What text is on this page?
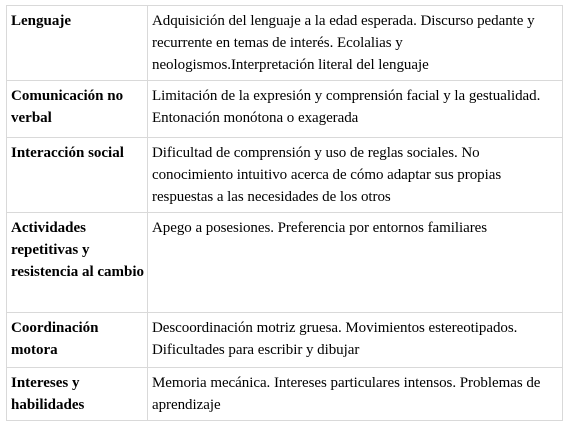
Lenguaje	Adquisición del lenguaje a la edad esperada. Discurso pedante y recurrente en temas de interés. Ecolalias y neologismos.Interpretación literal del lenguaje
Comunicación no verbal	Limitación de la expresión y comprensión facial y la gestualidad. Entonación monótona o exagerada
Interacción social	Dificultad de comprensión y uso de reglas sociales. No conocimiento intuitivo acerca de cómo adaptar sus propias respuestas a las necesidades de los otros
Actividades repetitivas y resistencia al cambio	Apego a posesiones. Preferencia por entornos familiares
Coordinación motora	Descoordinación motriz gruesa. Movimientos estereotipados. Dificultades para escribir y dibujar
Intereses y habilidades	Memoria mecánica. Intereses particulares intensos. Problemas de aprendizaje
